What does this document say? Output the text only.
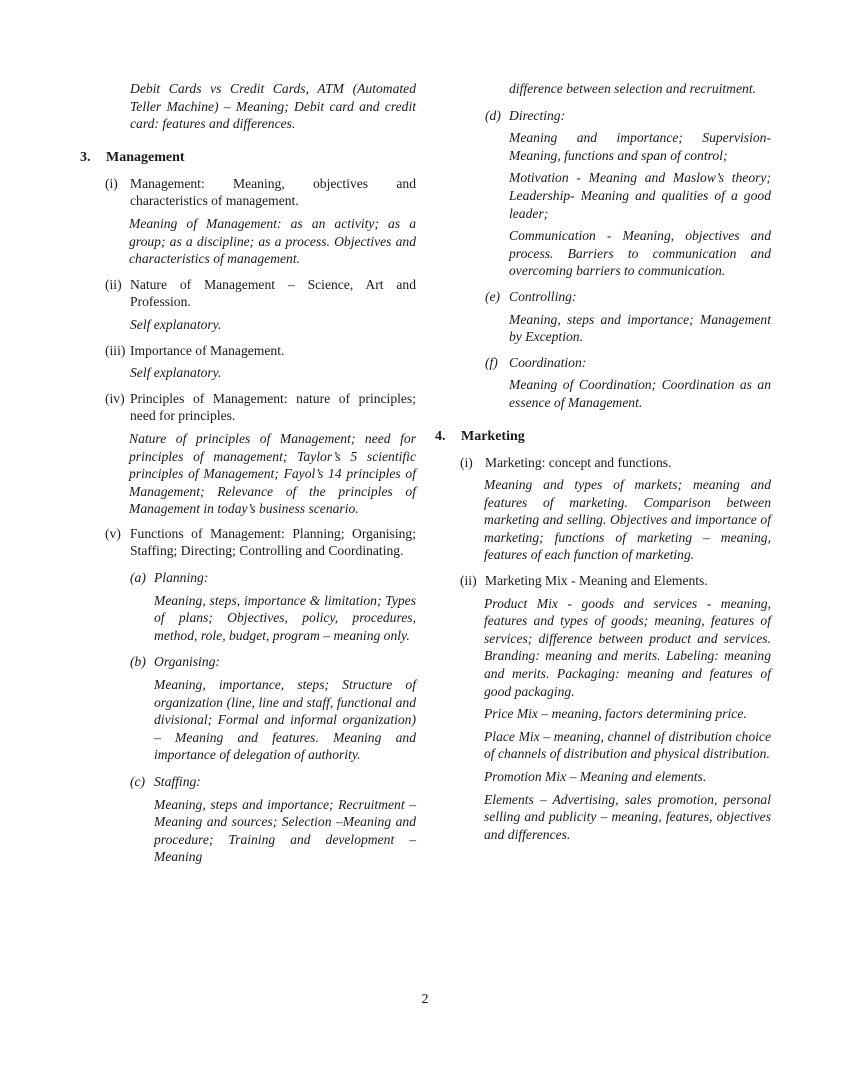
Debit Cards vs Credit Cards, ATM (Automated Teller Machine) – Meaning; Debit card and credit card: features and differences.

3.	Management
(i) Management: Meaning, objectives and characteristics of management.

Meaning of Management: as an activity; as a group; as a discipline; as a process. Objectives and characteristics of management.

(ii) Nature of Management – Science, Art and Profession.

Self explanatory.

(iii) Importance of Management.

Self explanatory.

(iv) Principles of Management: nature of principles; need for principles.

Nature of principles of Management; need for principles of management; Taylor’s 5 scientific principles of Management; Fayol’s 14 principles of Management; Relevance of the principles of Management in today’s business scenario.

(v) Functions of Management: Planning; Organising; Staffing; Directing; Controlling and Coordinating.
(a) Planning:

Meaning, steps, importance & limitation; Types of plans; Objectives, policy, procedures, method, role, budget, program – meaning only.

(b) Organising:

Meaning, importance, steps; Structure of organization (line, line and staff, functional and divisional; Formal and informal organization) – Meaning and features. Meaning and importance of delegation of authority.

(c) Staffing:

Meaning, steps and importance; Recruitment – Meaning and sources; Selection –Meaning and procedure; Training and development – Meaning

difference between selection and recruitment.

(d) Directing:

Meaning and importance; Supervision-Meaning, functions and span of control;

Motivation - Meaning and Maslow’s theory; Leadership- Meaning and qualities of a good leader;

Communication - Meaning, objectives and process. Barriers to communication and overcoming barriers to communication.

(e) Controlling:

Meaning, steps and importance; Management by Exception.

(f) Coordination:

Meaning of Coordination; Coordination as an essence of Management.

4.	Marketing
(i) Marketing: concept and functions.

Meaning and types of markets; meaning and features of marketing. Comparison between marketing and selling. Objectives and importance of marketing; functions of marketing – meaning, features of each function of marketing.

(ii) Marketing Mix - Meaning and Elements.

Product Mix - goods and services - meaning, features and types of goods; meaning, features of services; difference between product and services. Branding: meaning and merits. Labeling: meaning and merits. Packaging: meaning and features of good packaging.

Price Mix – meaning, factors determining price.

Place Mix – meaning, channel of distribution choice of channels of distribution and physical distribution.

Promotion Mix – Meaning and elements.

Elements – Advertising, sales promotion, personal selling and publicity – meaning, features, objectives and differences.

2
